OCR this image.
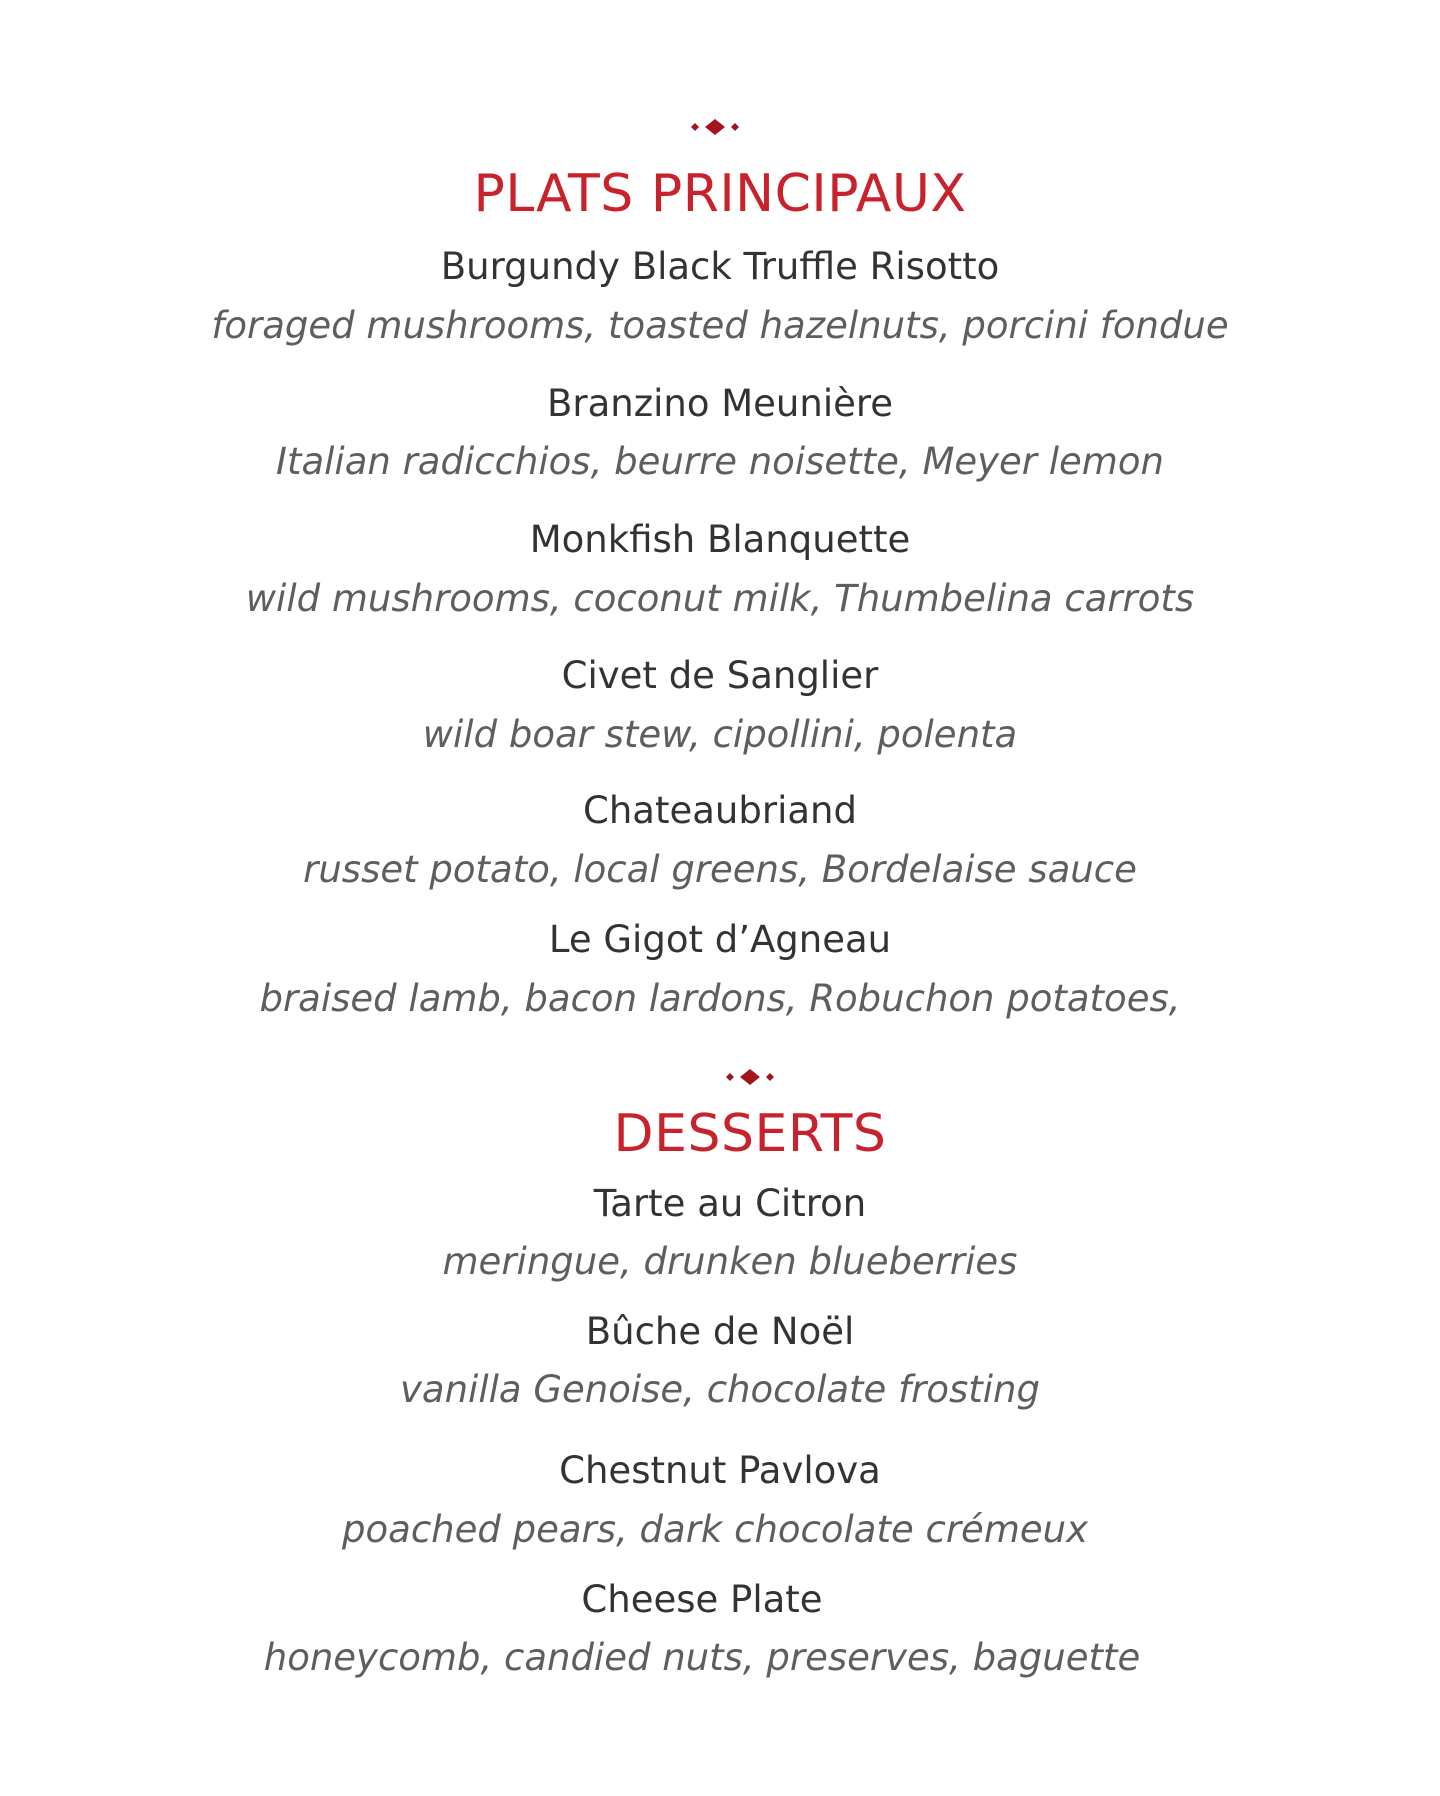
PLATS PRINCIPAUX
Burgundy Black Truffle Risotto
foraged mushrooms, toasted hazelnuts, porcini fondue
Branzino Meunière
Italian radicchios, beurre noisette, Meyer lemon
Monkfish Blanquette
wild mushrooms, coconut milk, Thumbelina carrots
Civet de Sanglier
wild boar stew, cipollini, polenta
Chateaubriand
russet potato, local greens, Bordelaise sauce
Le Gigot d’Agneau
braised lamb, bacon lardons, Robuchon potatoes,
DESSERTS
Tarte au Citron
meringue, drunken blueberries
Bûche de Noël
vanilla Genoise, chocolate frosting
Chestnut Pavlova
poached pears, dark chocolate crémeux
Cheese Plate
honeycomb, candied nuts, preserves, baguette
